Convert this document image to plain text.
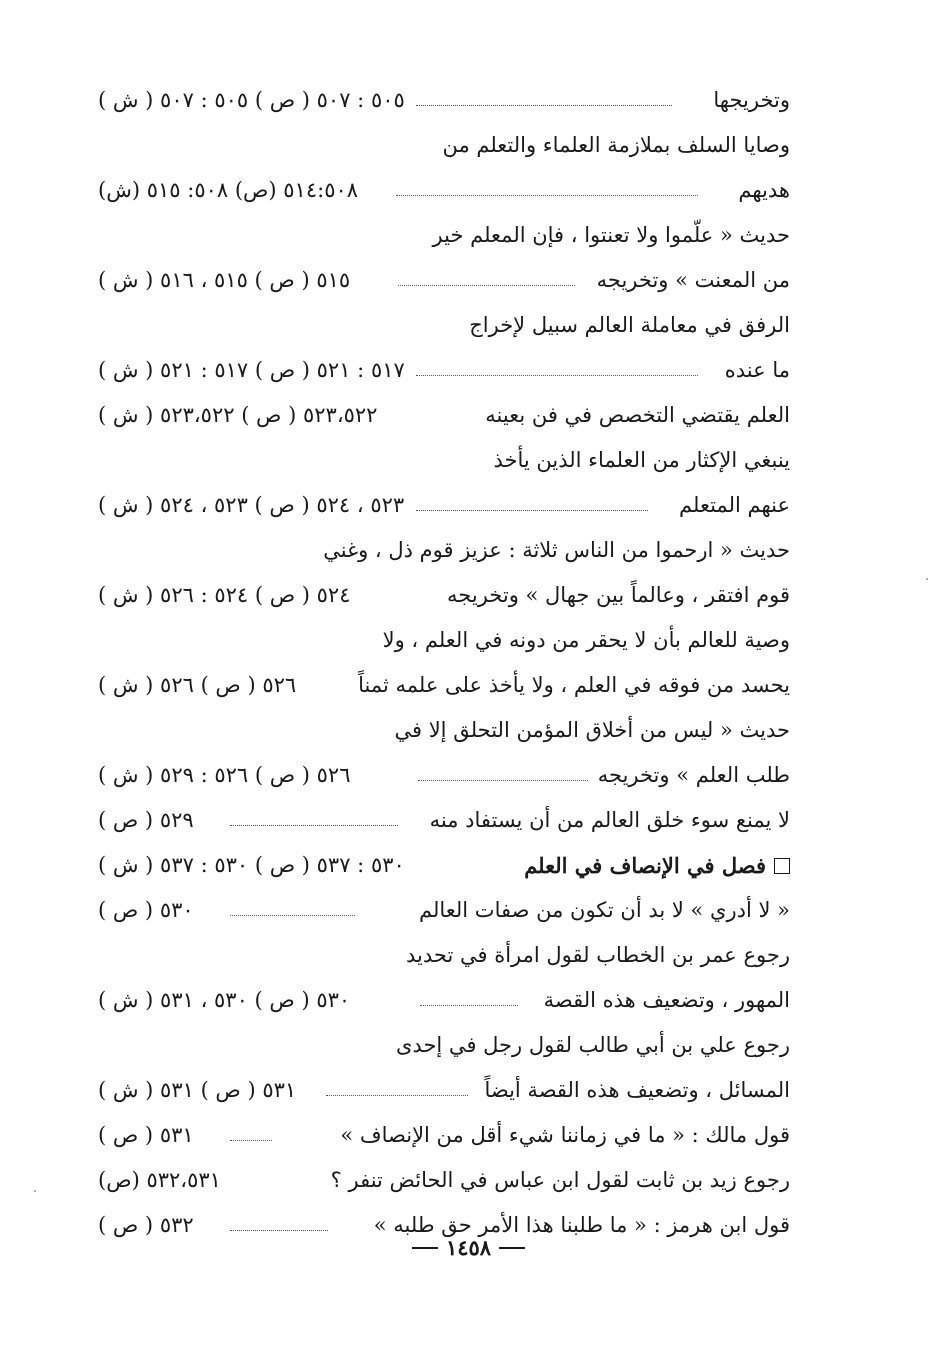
وتخريجها
٥٠٥ : ٥٠٧ ( ص ) ٥٠٥ : ٥٠٧ ( ش )
وصايا السلف بملازمة العلماء والتعلم من
هديهم
٥١٤:٥٠٨ (ص) ٥٠٨: ٥١٥ (ش)
حديث « علّموا ولا تعنتوا ، فإن المعلم خير
من المعنت » وتخريجه
٥١٥ ( ص ) ٥١٥ ، ٥١٦ ( ش )
الرفق في معاملة العالم سبيل لإخراج
ما عنده
٥١٧ : ٥٢١ ( ص ) ٥١٧ : ٥٢١ ( ش )
العلم يقتضي التخصص في فن بعينه
٥٢٣،٥٢٢ ( ص ) ٥٢٣،٥٢٢ ( ش )
ينبغي الإكثار من العلماء الذين يأخذ
عنهم المتعلم
٥٢٣ ، ٥٢٤ ( ص ) ٥٢٣ ، ٥٢٤ ( ش )
حديث « ارحموا من الناس ثلاثة : عزيز قوم ذل ، وغني
قوم افتقر ، وعالماً بين جهال » وتخريجه
٥٢٤ ( ص ) ٥٢٤ : ٥٢٦ ( ش )
وصية للعالم بأن لا يحقر من دونه في العلم ، ولا
يحسد من فوقه في العلم ، ولا يأخذ على علمه ثمناً
٥٢٦ ( ص ) ٥٢٦ ( ش )
حديث « ليس من أخلاق المؤمن التحلق إلا في
طلب العلم » وتخريجه
٥٢٦ ( ص ) ٥٢٦ : ٥٢٩ ( ش )
لا يمنع سوء خلق العالم من أن يستفاد منه
٥٢٩ ( ص )
فصل في الإنصاف في العلم
٥٣٠ : ٥٣٧ ( ص ) ٥٣٠ : ٥٣٧ ( ش )
« لا أدري » لا بد أن تكون من صفات العالم
٥٣٠ ( ص )
رجوع عمر بن الخطاب لقول امرأة في تحديد
المهور ، وتضعيف هذه القصة
٥٣٠ ( ص ) ٥٣٠ ، ٥٣١ ( ش )
رجوع علي بن أبي طالب لقول رجل في إحدى
المسائل ، وتضعيف هذه القصة أيضاً
٥٣١ ( ص ) ٥٣١ ( ش )
قول مالك : « ما في زماننا شيء أقل من الإنصاف »
٥٣١ ( ص )
رجوع زيد بن ثابت لقول ابن عباس في الحائض تنفر ؟
٥٣٢،٥٣١ (ص)
قول ابن هرمز : « ما طلبنا هذا الأمر حق طلبه »
٥٣٢ ( ص )
١٤٥٨
